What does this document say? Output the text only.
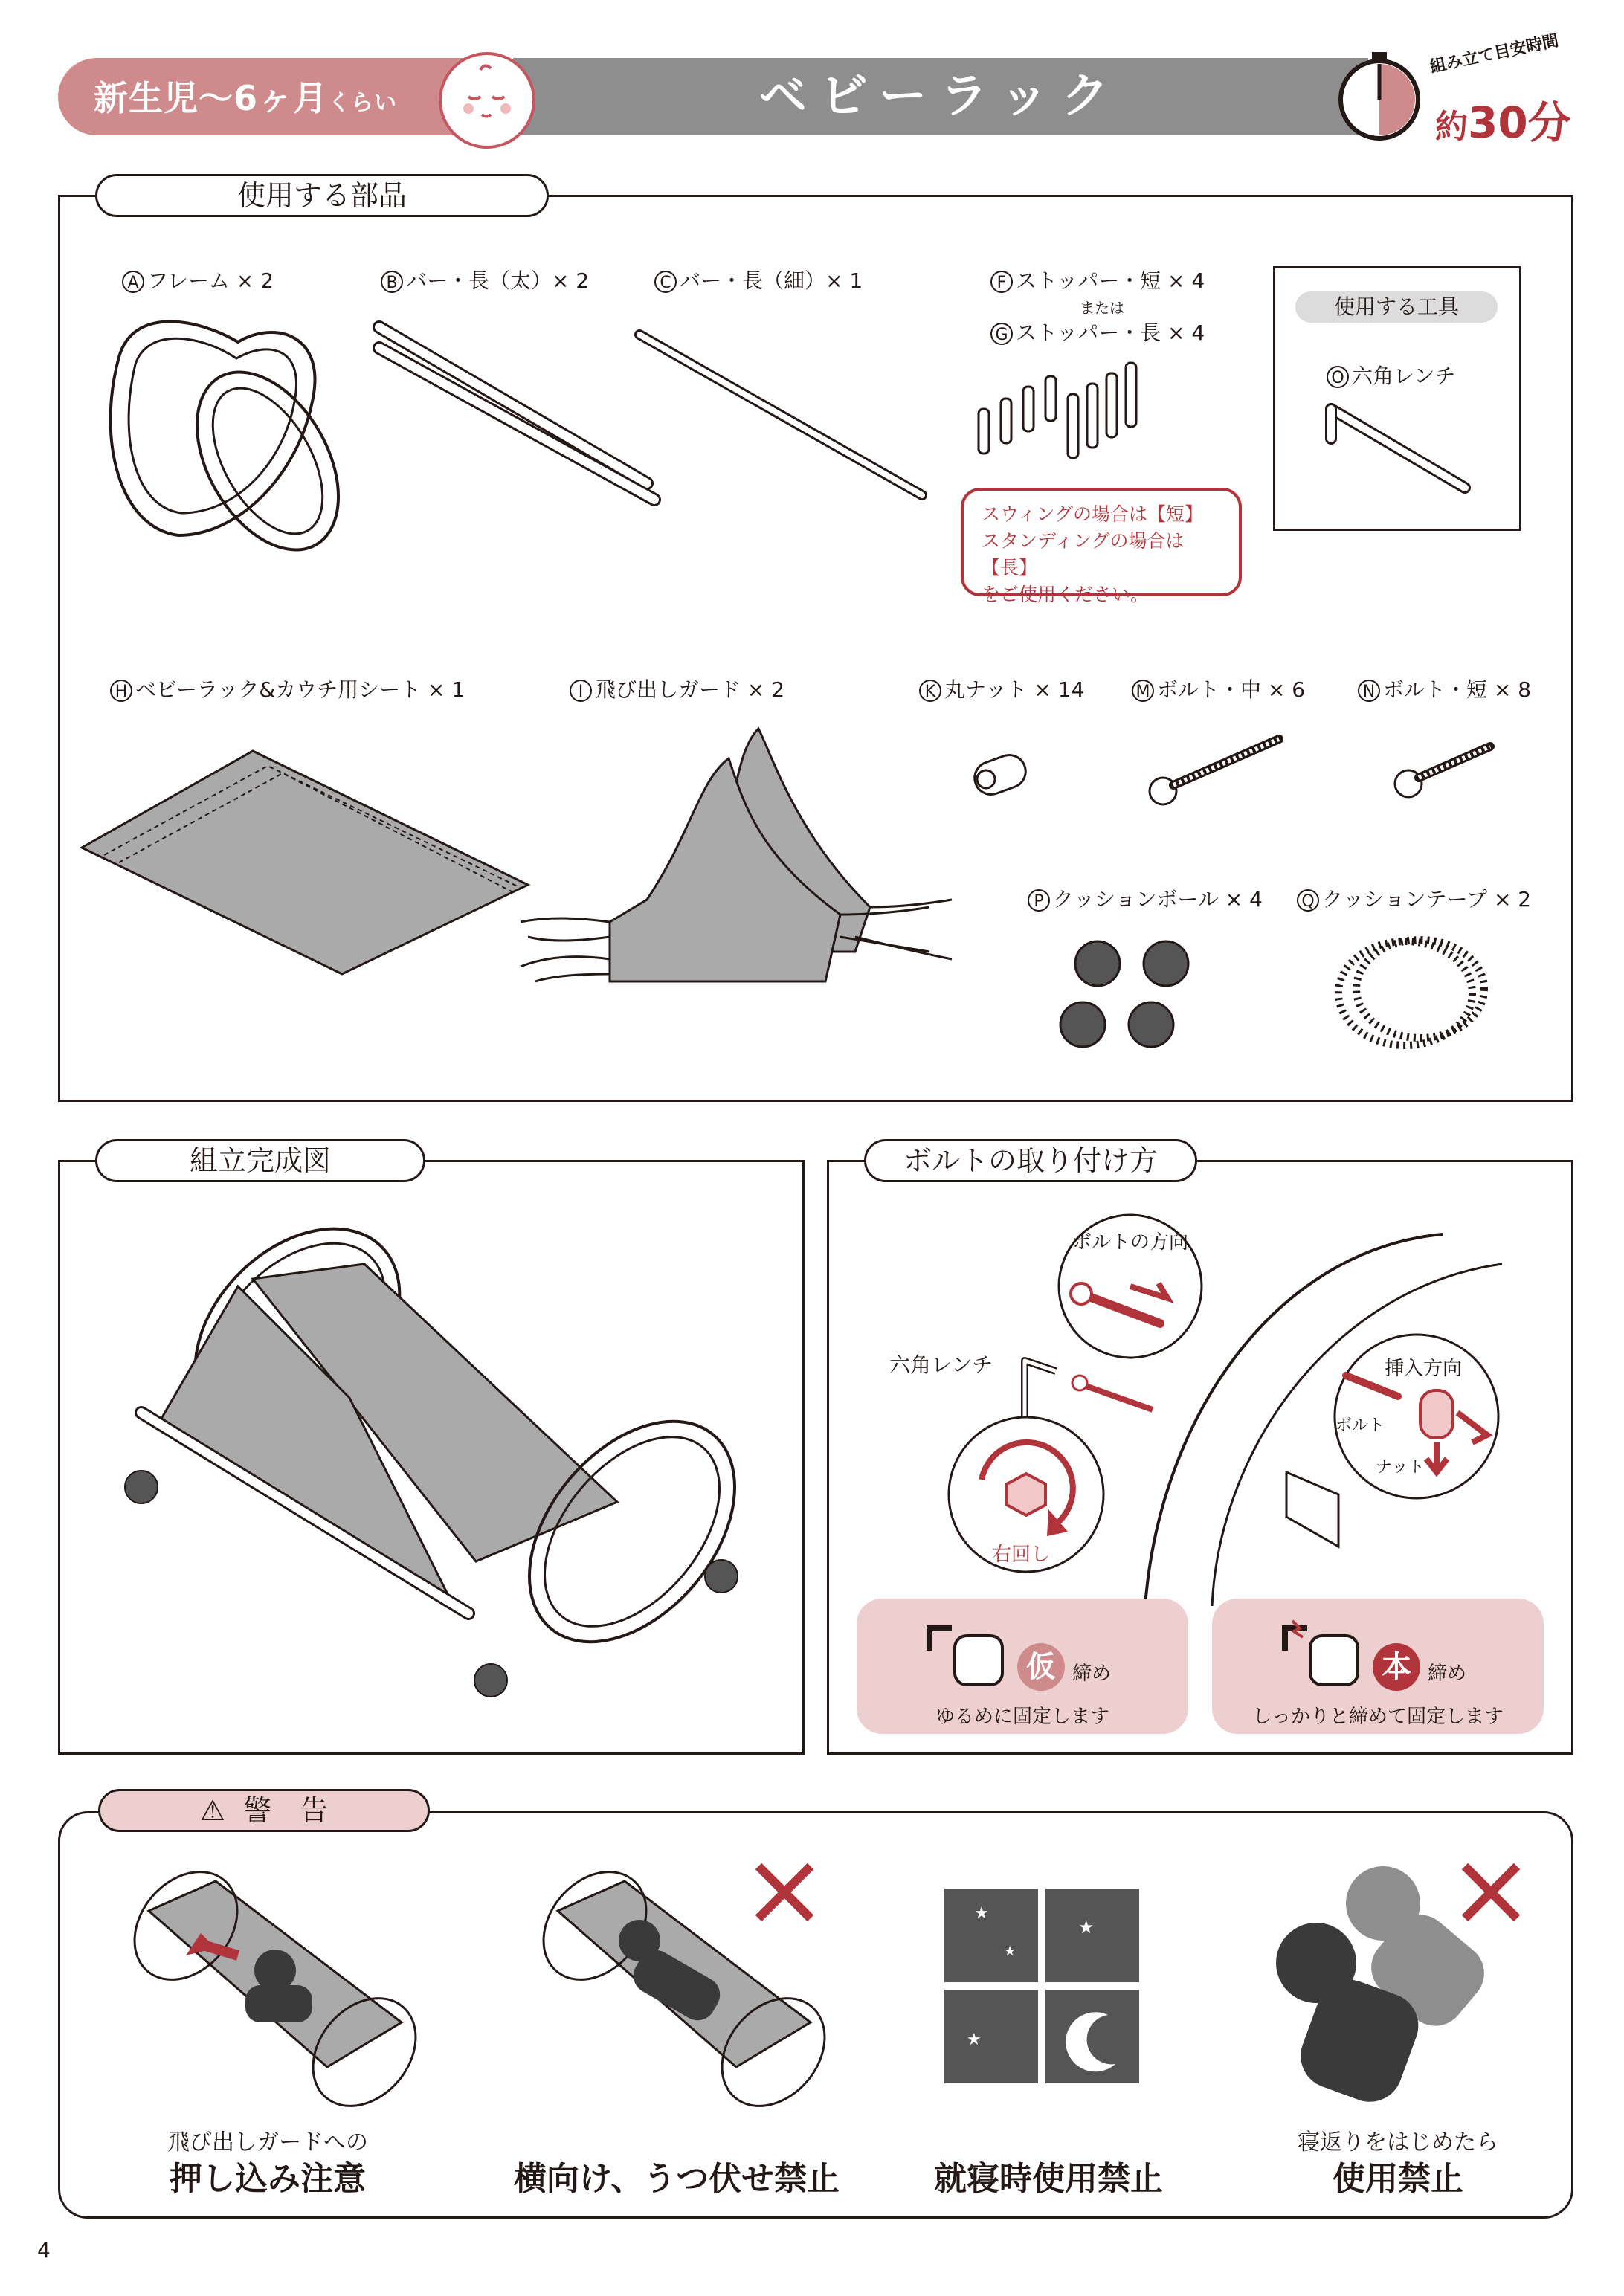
新生児～6ヶ月くらい	ベビーラック
組み立て目安時間
約30分
使用する部品
A フレーム × 2	B バー・長（太）× 2	C バー・長（細）× 1	F ストッパー・短 × 4
または
G ストッパー・長 × 4
H ベビーラック&カウチ用シート × 1	I 飛び出しガード × 2	K 丸ナット × 14	M ボルト・中 × 6	N ボルト・短 × 8
P クッションボール × 4 Q クッションテープ × 2
スウィングの場合は【短】
スタンディングの場合は【長】
をご使用ください。
使用する工具
O 六角レンチ
組立完成図	ボルトの取り付け方
ボルトの方向
六角レンチ
右回し
挿入方向
ボルト
ナット
仮 締め
ゆるめに固定します
本 締め
しっかりと締めて固定します
⚠ 警　告
★
★
★
★
飛び出しガードへの
押し込み注意	横向け、うつ伏せ禁止	就寝時使用禁止
寝返りをはじめたら
使用禁止
4
